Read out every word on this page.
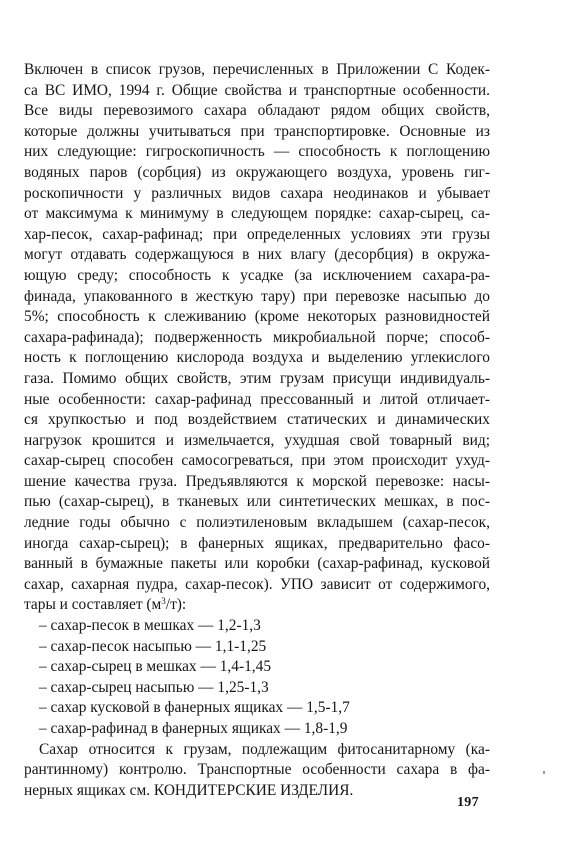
Включен в список грузов, перечисленных в Приложении С Кодек-
са ВС ИМО, 1994 г. Общие свойства и транспортные особенности.
Все виды перевозимого сахара обладают рядом общих свойств,
которые должны учитываться при транспортировке. Основные из
них следующие: гигроскопичность — способность к поглощению
водяных паров (сорбция) из окружающего воздуха, уровень гиг-
роскопичности у различных видов сахара неодинаков и убывает
от максимума к минимуму в следующем порядке: сахар-сырец, са-
хар-песок, сахар-рафинад; при определенных условиях эти грузы
могут отдавать содержащуюся в них влагу (десорбция) в окружа-
ющую среду; способность к усадке (за исключением сахара-ра-
финада, упакованного в жесткую тару) при перевозке насыпью до
5%; способность к слеживанию (кроме некоторых разновидностей
сахара-рафинада); подверженность микробиальной порче; способ-
ность к поглощению кислорода воздуха и выделению углекислого
газа. Помимо общих свойств, этим грузам присущи индивидуаль-
ные особенности: сахар-рафинад прессованный и литой отличает-
ся хрупкостью и под воздействием статических и динамических
нагрузок крошится и измельчается, ухудшая свой товарный вид;
сахар-сырец способен самосогреваться, при этом происходит ухуд-
шение качества груза. Предъявляются к морской перевозке: насы-
пью (сахар-сырец), в тканевых или синтетических мешках, в пос-
ледние годы обычно с полиэтиленовым вкладышем (сахар-песок,
иногда сахар-сырец); в фанерных ящиках, предварительно фасо-
ванный в бумажные пакеты или коробки (сахар-рафинад, кусковой
сахар, сахарная пудра, сахар-песок). УПО зависит от содержимого,
тары и составляет $(м^3/т)$:
– сахар-песок в мешках — 1,2-1,3
– сахар-песок насыпью — 1,1-1,25
– сахар-сырец в мешках — 1,4-1,45
– сахар-сырец насыпью — 1,25-1,3
– сахар кусковой в фанерных ящиках — 1,5-1,7
– сахар-рафинад в фанерных ящиках — 1,8-1,9
Сахар относится к грузам, подлежащим фитосанитарному (ка-
рантинному) контролю. Транспортные особенности сахара в фа-
нерных ящиках см. КОНДИТЕРСКИЕ ИЗДЕЛИЯ.
197
